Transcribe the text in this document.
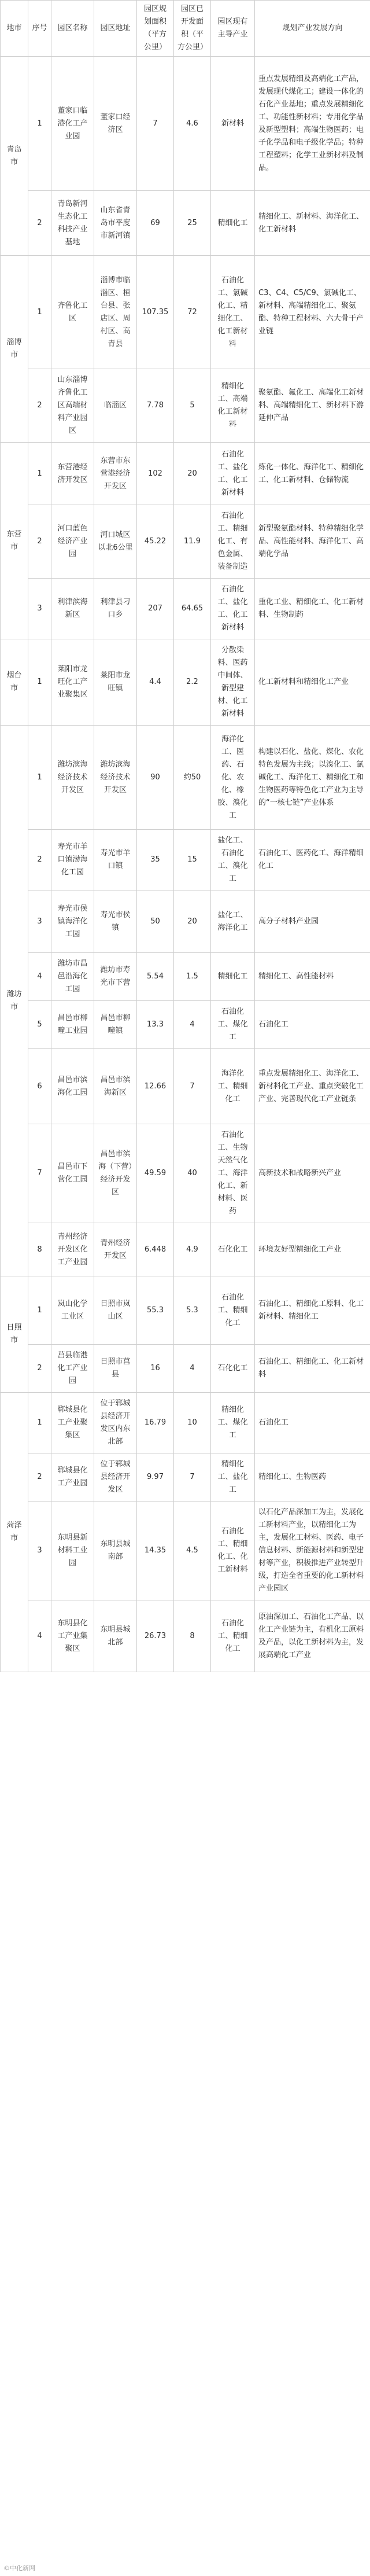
地市	序号	园区名称	园区地址	园区规划面积（平方公里）	园区已开发面积（平方公里）	园区现有主导产业	规划产业发展方向
青岛市	1	董家口临港化工产业园	董家口经济区	7	4.6	新材料	重点发展精细及高端化工产品，发展现代煤化工；建设一体化的石化产业基地；重点发展精细化工、功能性新材料；专用化学品及新型塑料；高端生物医药；电子化学品和电子级化学品；特种工程塑料；化学工业新材料及制品。
	2	青岛新河生态化工科技产业基地	山东省青岛市平度市新河镇	69	25	精细化工	精细化工、新材料、海洋化工、化工新材料
淄博市	1	齐鲁化工区	淄博市临淄区、桓台县、张店区、周村区、高青县	107.35	72	石油化工、氯碱化工、精细化工、化工新材料	C3、C4、C5/C9、氯碱化工、新材料、高端精细化工、聚氨酯、特种工程材料、六大骨干产业链
	2	山东淄博齐鲁化工区高端材料产业园区	临淄区	7.78	5	精细化工、高端化工新材料	聚氨酯、氟化工、高端化工新材料、高端精细化工、新材料下游延伸产品
东营市	1	东营港经济开发区	东营市东营港经济开发区	102	20	石油化工、盐化工、化工新材料	炼化一体化、海洋化工、精细化工、化工新材料、仓储物流
	2	河口蓝色经济产业园	河口城区以北6公里	45.22	11.9	石油化工、精细化工、有色金属、装备制造	新型聚氨酯材料、特种精细化学品、高性能材料、海洋化工、高端化学品
	3	利津滨海新区	利津县刁口乡	207	64.65	石油化工、盐化工、化工新材料	重化工业、精细化工、化工新材料、生物制药
烟台市	1	莱阳市龙旺化工产业聚集区	莱阳市龙旺镇	4.4	2.2	分散染料、医药中间体、新型建材、化工新材料	化工新材料和精细化工产业
潍坊市	1	潍坊滨海经济技术开发区	潍坊滨海经济技术开发区	90	约50	海洋化工、医药、石化、农化、橡胶、溴化工	构建以石化、盐化、煤化、农化特色发展为主线；以溴化工、氯碱化工、海洋化工、精细化工和生物医药等特色化工产业为主导的“一核七链”产业体系
	2	寿光市羊口镇渤海化工园	寿光市羊口镇	35	15	盐化工、石油化工、溴化工	石油化工、医药化工、海洋精细化工
	3	寿光市侯镇海洋化工园	寿光市侯镇	50	20	盐化工、海洋化工	高分子材料产业园
	4	潍坊市昌邑沿海化工园	潍坊市寿光市下营	5.54	1.5	精细化工	精细化工、高性能材料
	5	昌邑市柳疃工业园	昌邑市柳疃镇	13.3	4	石油化工、煤化工	石油化工
	6	昌邑市滨海化工园	昌邑市滨海新区	12.66	7	海洋化工、精细化工	重点发展精细化工、海洋化工、新材料化工产业、重点突破化工产业、完善现代化工产业链条
	7	昌邑市下营化工园	昌邑市滨海（下营）经济开发区	49.59	40	石油化工、生物天然气化工、海洋化工、新材料、医药	高新技术和战略新兴产业
	8	青州经济开发区化工产业园	青州经济开发区	6.448	4.9	石化化工	环境友好型精细化工产业
日照市	1	岚山化学工业区	日照市岚山区	55.3	5.3	石油化工、精细化工	石油化工、精细化工原料、化工新材料、精细化工
	2	莒县临港化工产业园	日照市莒县	16	4	石化化工	石油化工、精细化工、化工新材料
菏泽市	1	郓城县化工产业聚集区	位于郓城县经济开发区内东北部	16.79	10	精细化工、煤化工	石油化工
	2	郓城县化工产业园	位于郓城县经济开发区	9.97	7	精细化工、盐化工	精细化工、生物医药
	3	东明县新材料工业园	东明县城南部	14.35	4.5	石油化工、精细化工、化工新材料	以石化产品深加工为主，发展化工新材料产业，以精细化工为主，发展化工材料、医药、电子信息材料、新能源材料和新型建材等产业，积极推进产业转型升级，打造全省重要的化工新材料产业园区
	4	东明县化工产业集聚区	东明县城北部	26.73	8	石油化工、精细化工	原油深加工、石油化工产品、以化工产业链为主，有机化工原料及产品，以化工新材料为主，发展高端化工产业
©中化新网
